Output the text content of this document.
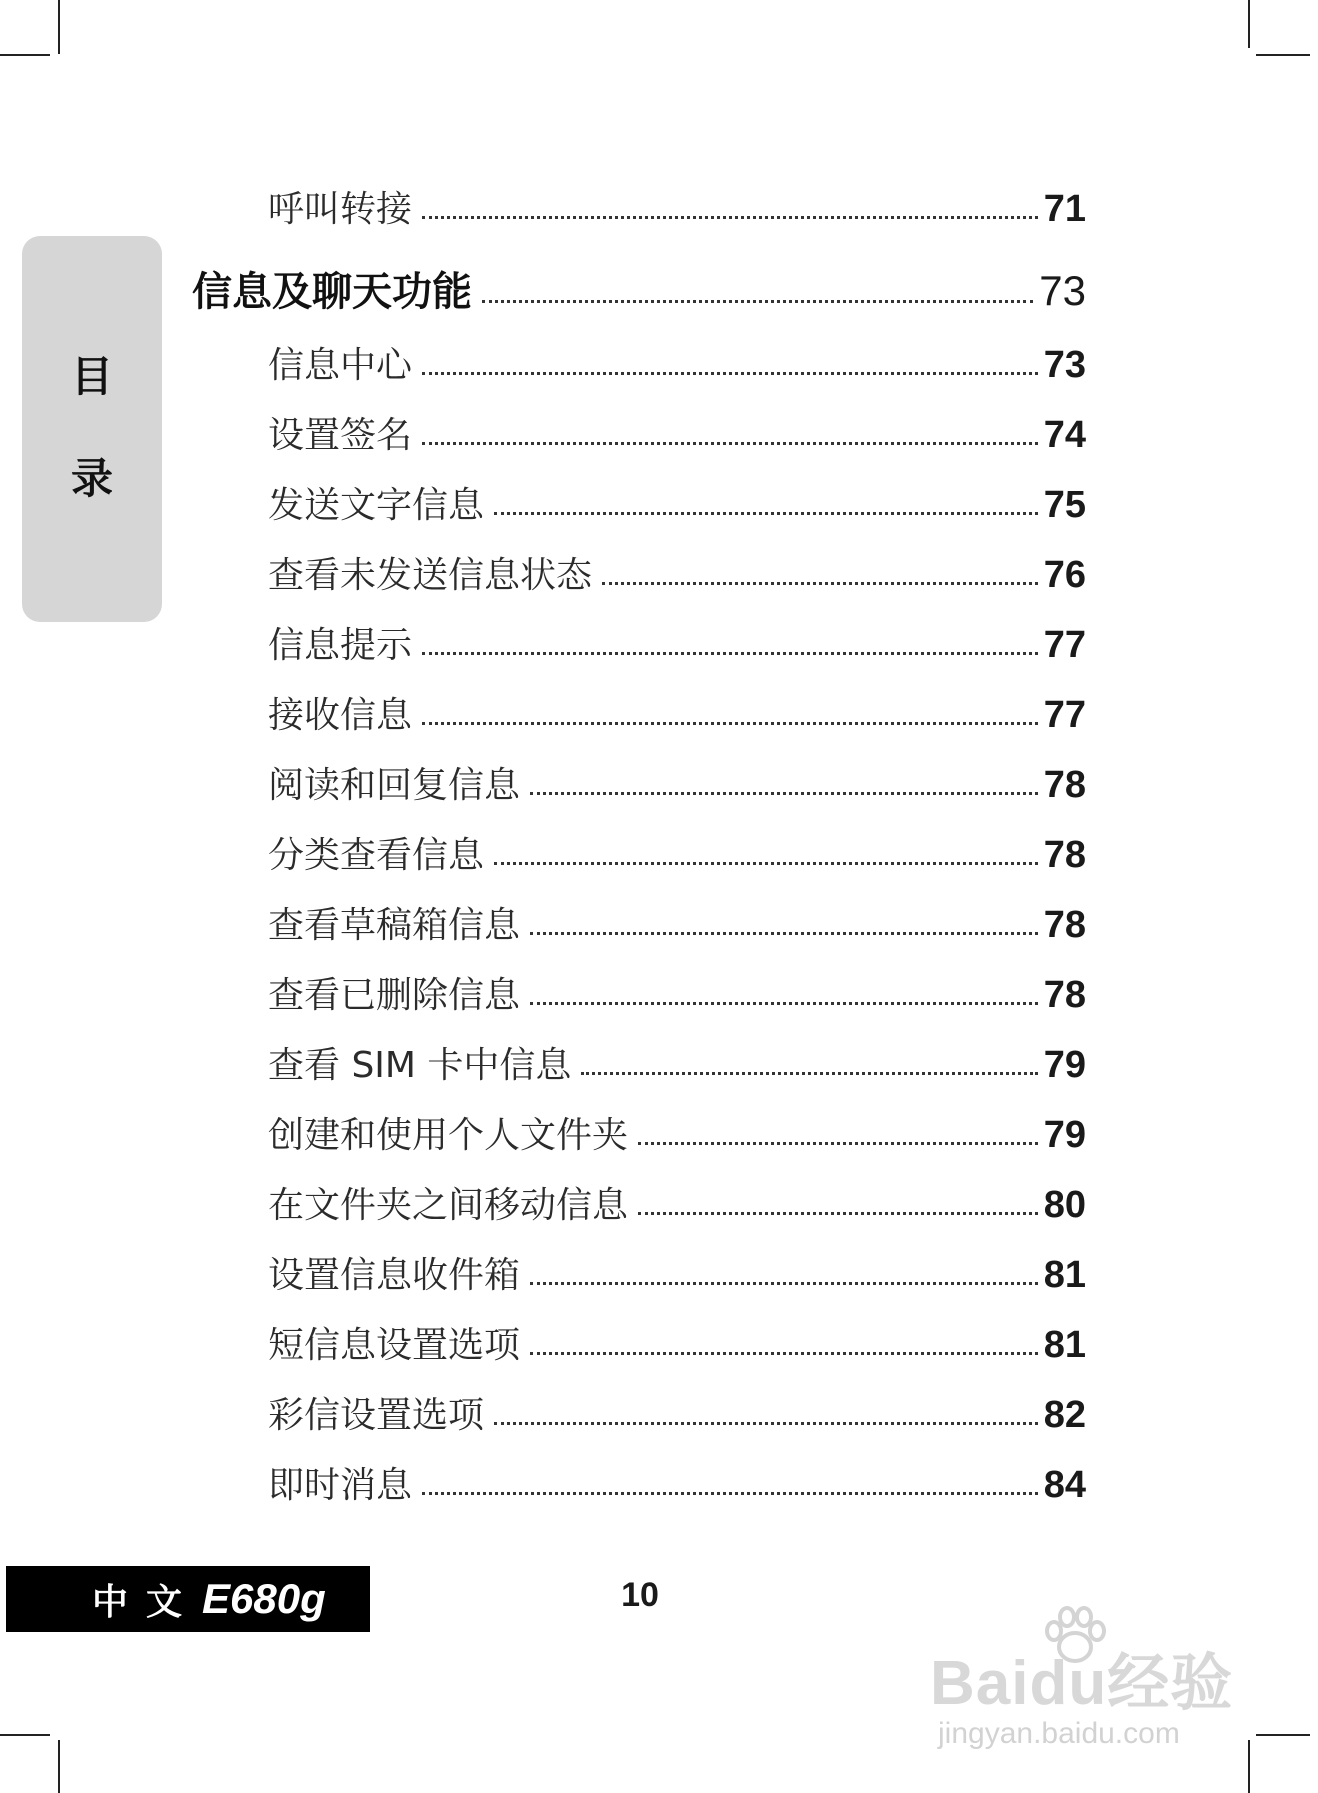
目
录
呼叫转接	71
信息及聊天功能	73
信息中心	73
设置签名	74
发送文字信息	75
查看未发送信息状态	76
信息提示	77
接收信息	77
阅读和回复信息	78
分类查看信息	78
查看草稿箱信息	78
查看已删除信息	78
查看 SIM 卡中信息	79
创建和使用个人文件夹	79
在文件夹之间移动信息	80
设置信息收件箱	81
短信息设置选项	81
彩信设置选项	82
即时消息	84
中文 E680g	10
Baidu经验
jingyan.baidu.com
